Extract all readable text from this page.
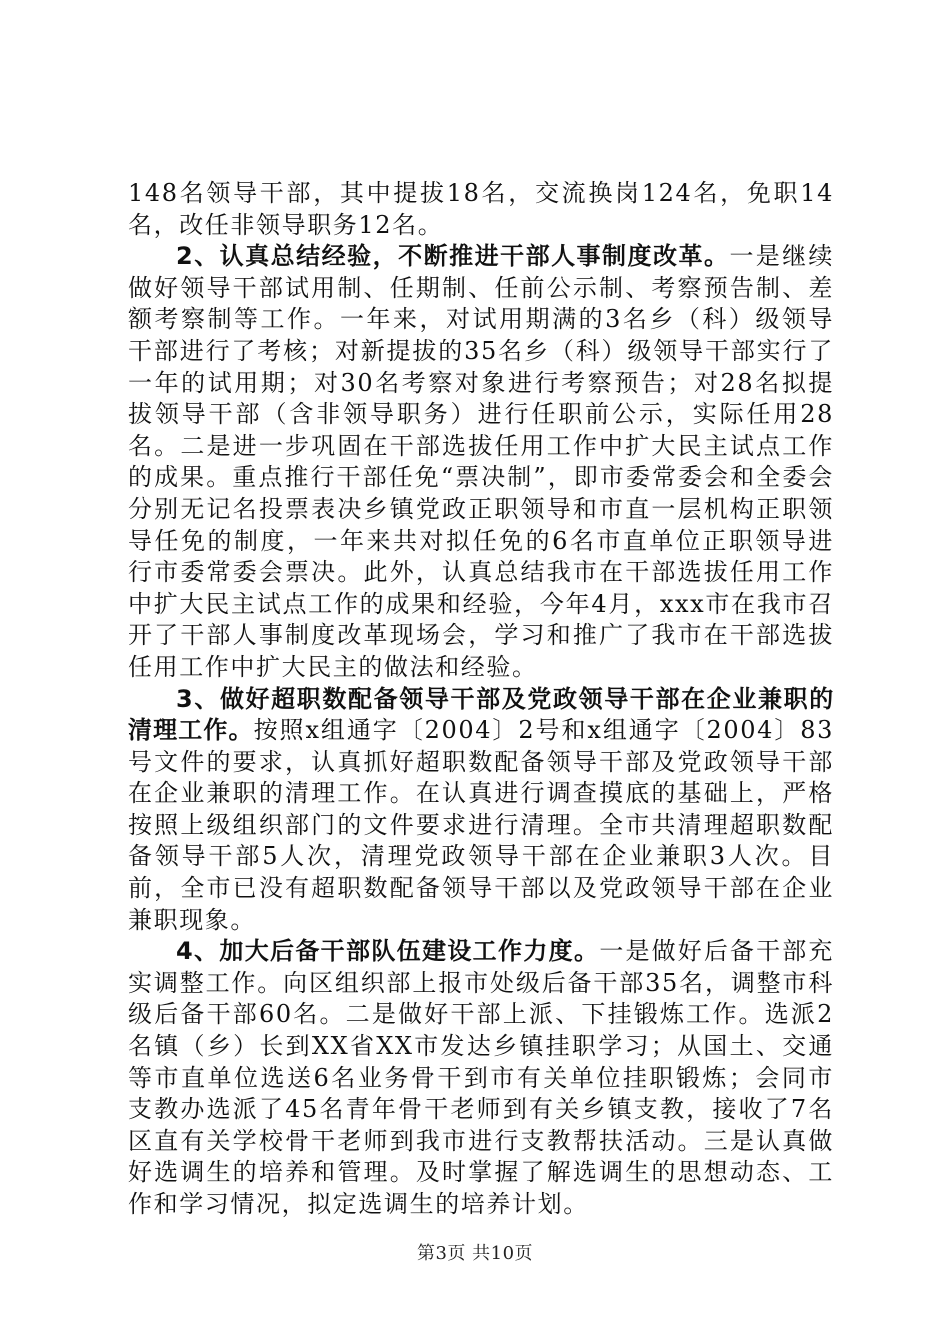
148名领导干部，其中提拔18名，交流换岗124名，免职14名，改任非领导职务12名。

2、认真总结经验，不断推进干部人事制度改革。一是继续做好领导干部试用制、任期制、任前公示制、考察预告制、差额考察制等工作。一年来，对试用期满的3名乡（科）级领导干部进行了考核；对新提拔的35名乡（科）级领导干部实行了一年的试用期；对30名考察对象进行考察预告；对28名拟提拔领导干部（含非领导职务）进行任职前公示，实际任用28名。二是进一步巩固在干部选拔任用工作中扩大民主试点工作的成果。重点推行干部任免“票决制”，即市委常委会和全委会分别无记名投票表决乡镇党政正职领导和市直一层机构正职领导任免的制度，一年来共对拟任免的6名市直单位正职领导进行市委常委会票决。此外，认真总结我市在干部选拔任用工作中扩大民主试点工作的成果和经验，今年4月，xxx市在我市召开了干部人事制度改革现场会，学习和推广了我市在干部选拔任用工作中扩大民主的做法和经验。

3、做好超职数配备领导干部及党政领导干部在企业兼职的清理工作。按照x组通字〔2004〕2号和x组通字〔2004〕83号文件的要求，认真抓好超职数配备领导干部及党政领导干部在企业兼职的清理工作。在认真进行调查摸底的基础上，严格按照上级组织部门的文件要求进行清理。全市共清理超职数配备领导干部5人次，清理党政领导干部在企业兼职3人次。目前，全市已没有超职数配备领导干部以及党政领导干部在企业兼职现象。

4、加大后备干部队伍建设工作力度。一是做好后备干部充实调整工作。向区组织部上报市处级后备干部35名，调整市科级后备干部60名。二是做好干部上派、下挂锻炼工作。选派2名镇（乡）长到XX省XX市发达乡镇挂职学习；从国土、交通等市直单位选送6名业务骨干到市有关单位挂职锻炼；会同市支教办选派了45名青年骨干老师到有关乡镇支教，接收了7名区直有关学校骨干老师到我市进行支教帮扶活动。三是认真做好选调生的培养和管理。及时掌握了解选调生的思想动态、工作和学习情况，拟定选调生的培养计划。

第3页 共10页
